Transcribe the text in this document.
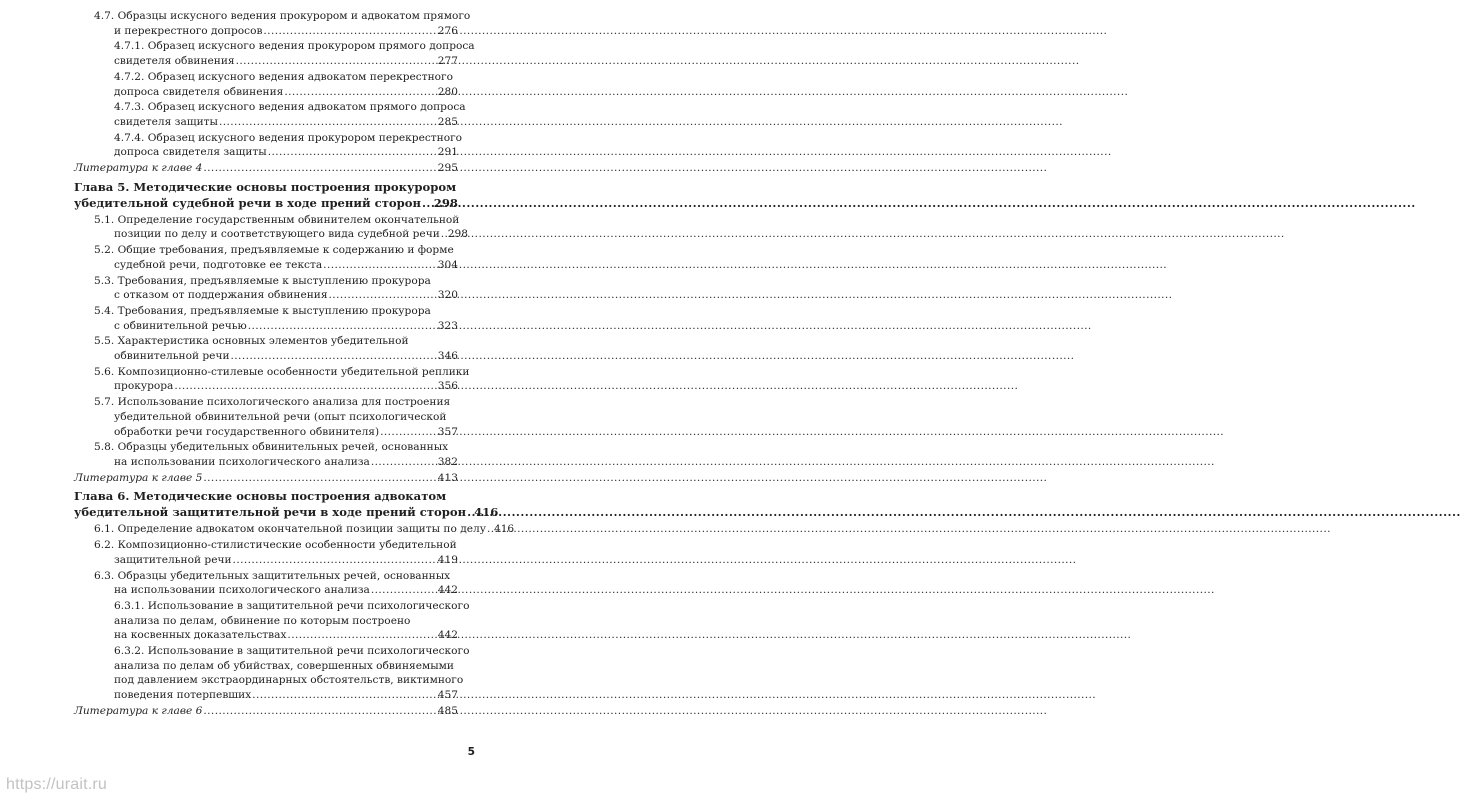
4.7. Образцы искусного ведения прокурором и адвокатом прямого
и перекрестного допросов .....	276
4.7.1. Образец искусного ведения прокурором прямого допроса
свидетеля обвинения .....	277
4.7.2. Образец искусного ведения адвокатом перекрестного
допроса свидетеля обвинения .....	280
4.7.3. Образец искусного ведения адвокатом прямого допроса
свидетеля защиты .....	285
4.7.4. Образец искусного ведения прокурором перекрестного
допроса свидетеля защиты .....	291
Литература к главе 4 .....	295
Глава 5. Методические основы построения прокурором
убедительной судебной речи в ходе прений сторон ..... 298
5.1. Определение государственным обвинителем окончательной
позиции по делу и соответствующего вида судебной речи ..... 298
5.2. Общие требования, предъявляемые к содержанию и форме
судебной речи, подготовке ее текста .....	304
5.3. Требования, предъявляемые к выступлению прокурора
с отказом от поддержания обвинения .....	320
5.4. Требования, предъявляемые к выступлению прокурора
с обвинительной речью .....	323
5.5. Характеристика основных элементов убедительной
обвинительной речи .....	346
5.6. Композиционно-стилевые особенности убедительной реплики
прокурора .....	356
5.7. Использование психологического анализа для построения
убедительной обвинительной речи (опыт психологической
обработки речи государственного обвинителя) .....	357
5.8. Образцы убедительных обвинительных речей, основанных
на использовании психологического анализа .....	382
Литература к главе 5 .....	413
Глава 6. Методические основы построения адвокатом
убедительной защитительной речи в ходе прений сторон ..... 416
6.1. Определение адвокатом окончательной позиции защиты по делу ..... 416
6.2. Композиционно-стилистические особенности убедительной
защитительной речи .....	419
6.3. Образцы убедительных защитительных речей, основанных
на использовании психологического анализа .....	442
6.3.1. Использование в защитительной речи психологического
анализа по делам, обвинение по которым построено
на косвенных доказательствах .....	442
6.3.2. Использование в защитительной речи психологического
анализа по делам об убийствах, совершенных обвиняемыми
под давлением экстраординарных обстоятельств, виктимного
поведения потерпевших .....	457
Литература к главе 6 .....	485
5
https://urait.ru
